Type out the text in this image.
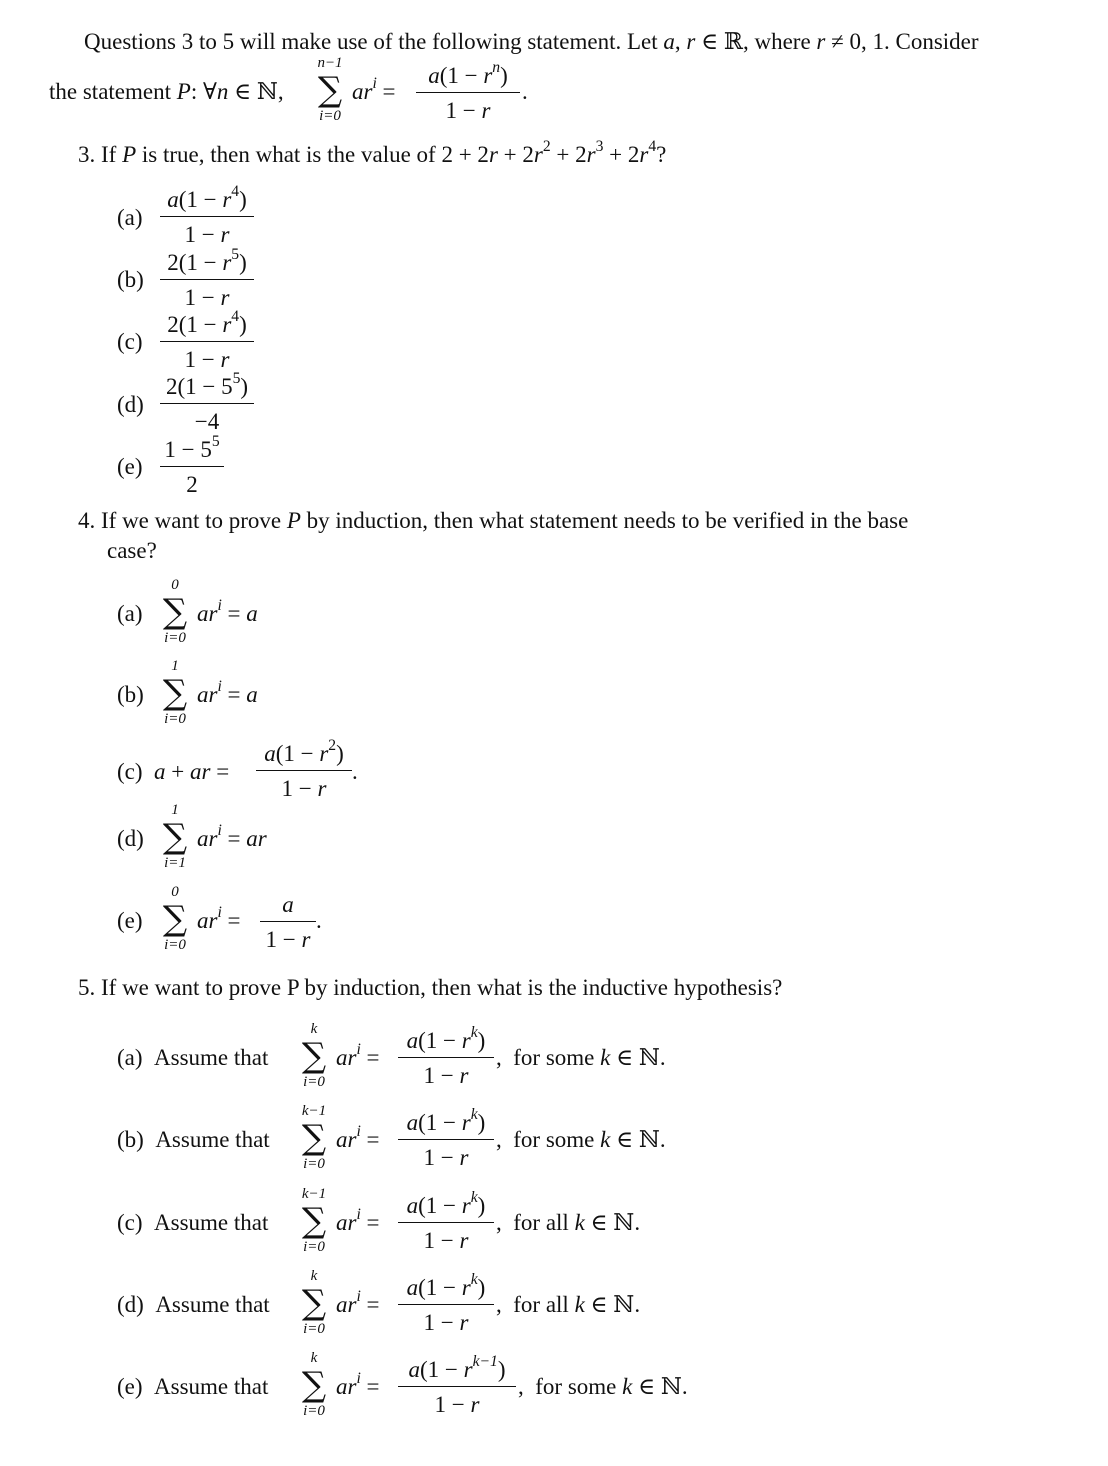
Questions 3 to 5 will make use of the following statement. Let a, r ∈ ℝ, where r ≠ 0, 1. Consider
the statement P: ∀n ∈ ℕ,
n−1
∑
i=0
$ar^i$ =
$a(1 - r^n)$
1 − r
.
3. If P is true, then what is the value of $2 + 2r + 2r^2 + 2r^3 + 2r^4$?
(a)
$a(1 - r^4)$
1 − r
(b)
$2(1 - r^5)$
1 − r
(c)
$2(1 - r^4)$
1 − r
(d)
$2(1 - 5^5)$
−4
(e)
$1 - 5^5$
2
4. If we want to prove P by induction, then what statement needs to be verified in the base
case?
(a)
0
∑
i=0
$ar^i = a$
(b)
1
∑
i=0
$ar^i = a$
(c)  a + ar =
$a(1 - r^2)$
1 − r
.
(d)
1
∑
i=1
$ar^i$ = ar
(e)
0
∑
i=0
$ar^i$ =
a
1 − r
.
5. If we want to prove P by induction, then what is the inductive hypothesis?
(a)  Assume that
k
∑
i=0
$ar^i$ =
$a(1 - r^k)$
1 − r
,  for some k ∈ ℕ.
(b)  Assume that
k−1
∑
i=0
$ar^i$ =
$a(1 - r^k)$
1 − r
,  for some k ∈ ℕ.
(c)  Assume that
k−1
∑
i=0
$ar^i$ =
$a(1 - r^k)$
1 − r
,  for all k ∈ ℕ.
(d)  Assume that
k
∑
i=0
$ar^i$ =
$a(1 - r^k)$
1 − r
,  for all k ∈ ℕ.
(e)  Assume that
k
∑
i=0
$ar^i$ =
$a(1 - r^{k-1})$
1 − r
,  for some k ∈ ℕ.
